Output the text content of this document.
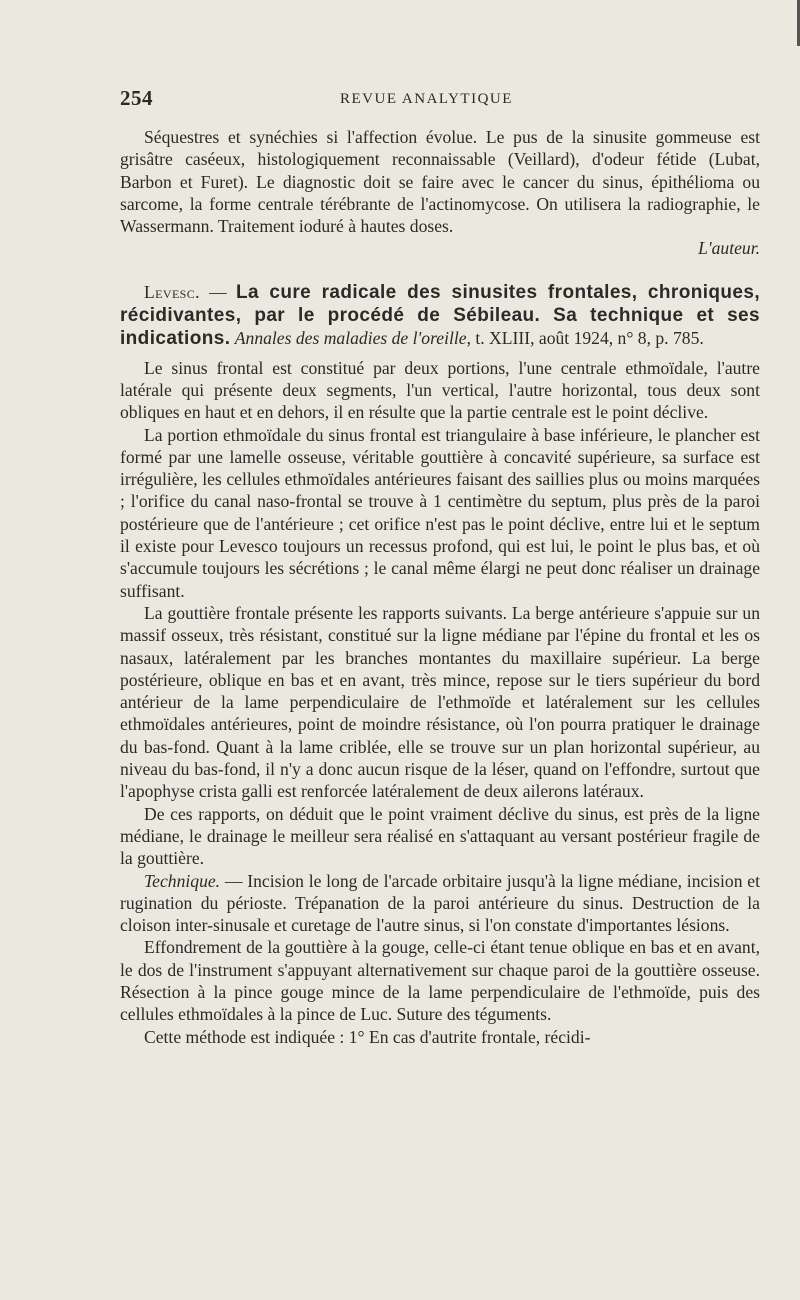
254	REVUE ANALYTIQUE

Séquestres et synéchies si l'affection évolue. Le pus de la sinusite gommeuse est grisâtre caséeux, histologiquement reconnaissable (Veillard), d'odeur fétide (Lubat, Barbon et Furet). Le diagnostic doit se faire avec le cancer du sinus, épithélioma ou sarcome, la forme centrale térébrante de l'actinomycose. On utilisera la radiographie, le Wassermann. Traitement ioduré à hautes doses.

L'auteur.

Levesc. — La cure radicale des sinusites frontales, chroniques, récidivantes, par le procédé de Sébileau. Sa technique et ses indications. Annales des maladies de l'oreille, t. XLIII, août 1924, n° 8, p. 785.

Le sinus frontal est constitué par deux portions, l'une centrale ethmoïdale, l'autre latérale qui présente deux segments, l'un vertical, l'autre horizontal, tous deux sont obliques en haut et en dehors, il en résulte que la partie centrale est le point déclive.

La portion ethmoïdale du sinus frontal est triangulaire à base inférieure, le plancher est formé par une lamelle osseuse, véritable gouttière à concavité supérieure, sa surface est irrégulière, les cellules ethmoïdales antérieures faisant des saillies plus ou moins marquées ; l'orifice du canal naso-frontal se trouve à 1 centimètre du septum, plus près de la paroi postérieure que de l'antérieure ; cet orifice n'est pas le point déclive, entre lui et le septum il existe pour Levesco toujours un recessus profond, qui est lui, le point le plus bas, et où s'accumule toujours les sécrétions ; le canal même élargi ne peut donc réaliser un drainage suffisant.

La gouttière frontale présente les rapports suivants. La berge antérieure s'appuie sur un massif osseux, très résistant, constitué sur la ligne médiane par l'épine du frontal et les os nasaux, latéralement par les branches montantes du maxillaire supérieur. La berge postérieure, oblique en bas et en avant, très mince, repose sur le tiers supérieur du bord antérieur de la lame perpendiculaire de l'ethmoïde et latéralement sur les cellules ethmoïdales antérieures, point de moindre résistance, où l'on pourra pratiquer le drainage du bas-fond. Quant à la lame criblée, elle se trouve sur un plan horizontal supérieur, au niveau du bas-fond, il n'y a donc aucun risque de la léser, quand on l'effondre, surtout que l'apophyse crista galli est renforcée latéralement de deux ailerons latéraux.

De ces rapports, on déduit que le point vraiment déclive du sinus, est près de la ligne médiane, le drainage le meilleur sera réalisé en s'attaquant au versant postérieur fragile de la gouttière.

Technique. — Incision le long de l'arcade orbitaire jusqu'à la ligne médiane, incision et rugination du périoste. Trépanation de la paroi antérieure du sinus. Destruction de la cloison inter-sinusale et curetage de l'autre sinus, si l'on constate d'importantes lésions.

Effondrement de la gouttière à la gouge, celle-ci étant tenue oblique en bas et en avant, le dos de l'instrument s'appuyant alternativement sur chaque paroi de la gouttière osseuse. Résection à la pince gouge mince de la lame perpendiculaire de l'ethmoïde, puis des cellules ethmoïdales à la pince de Luc. Suture des téguments.

Cette méthode est indiquée : 1° En cas d'autrite frontale, récidi-
